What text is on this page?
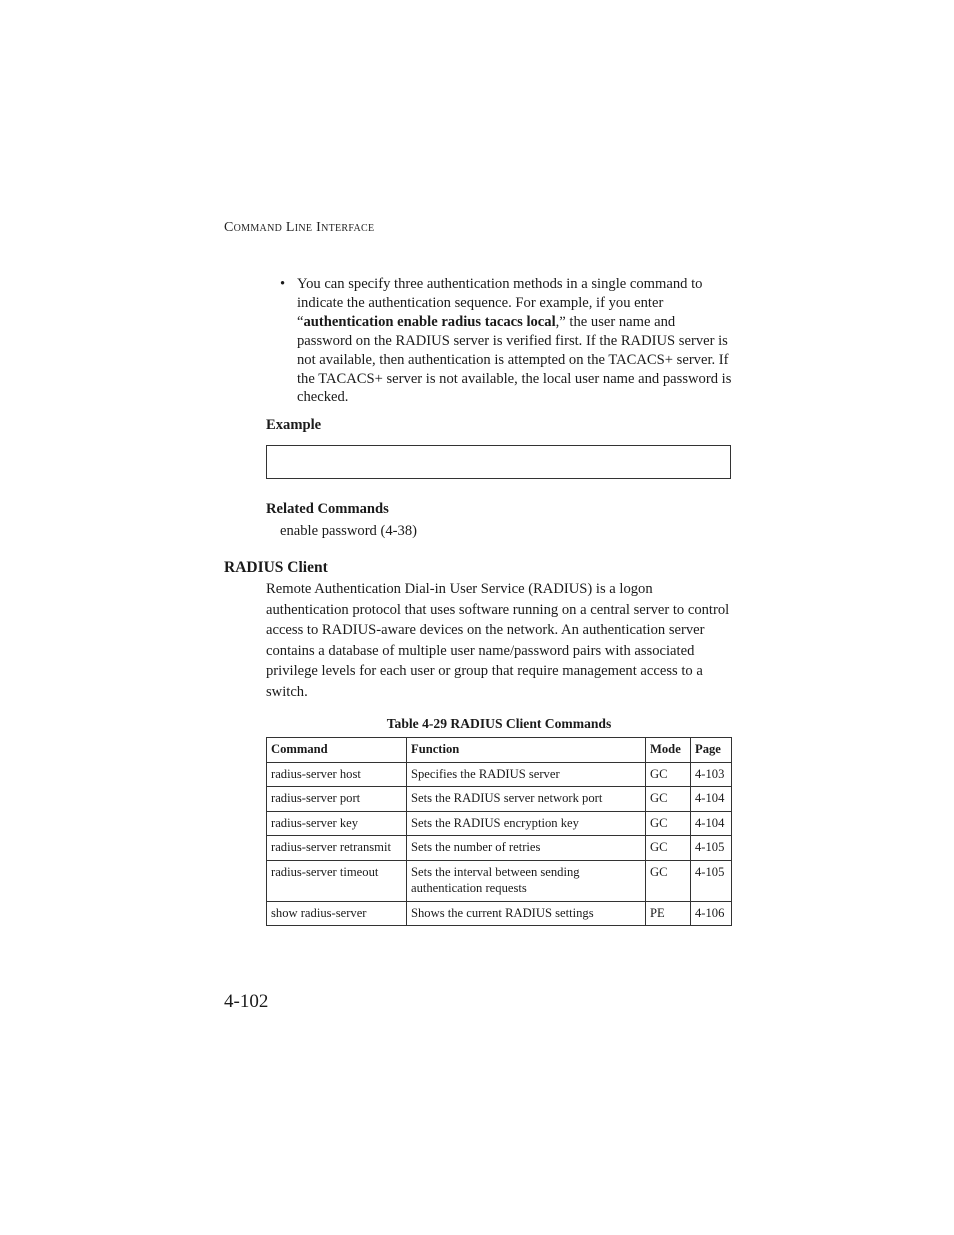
Command Line Interface
• You can specify three authentication methods in a single command to indicate the authentication sequence. For example, if you enter “authentication enable radius tacacs local,” the user name and password on the RADIUS server is verified first. If the RADIUS server is not available, then authentication is attempted on the TACACS+ server. If the TACACS+ server is not available, the local user name and password is checked.
Example
Related Commands
enable password (4-38)
RADIUS Client
Remote Authentication Dial-in User Service (RADIUS) is a logon authentication protocol that uses software running on a central server to control access to RADIUS-aware devices on the network. An authentication server contains a database of multiple user name/password pairs with associated privilege levels for each user or group that require management access to a switch.
Table 4-29 RADIUS Client Commands
Command	Function	Mode	Page
radius-server host	Specifies the RADIUS server	GC	4-103
radius-server port	Sets the RADIUS server network port	GC	4-104
radius-server key	Sets the RADIUS encryption key	GC	4-104
radius-server retransmit	Sets the number of retries	GC	4-105
radius-server timeout	Sets the interval between sending authentication requests	GC	4-105
show radius-server	Shows the current RADIUS settings	PE	4-106
4-102
